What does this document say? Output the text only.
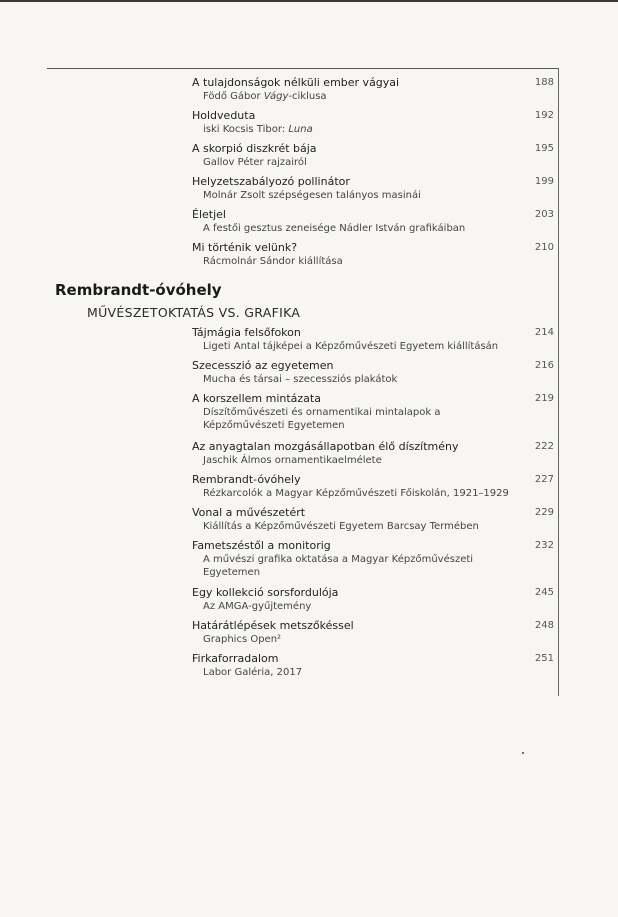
A tulajdonságok nélküli ember vágyai
Födő Gábor Vágy-ciklusa
188
Holdveduta
iski Kocsis Tibor: Luna
192
A skorpió diszkrét bája
Gallov Péter rajzairól
195
Helyzetszabályozó pollinátor
Molnár Zsolt szépségesen talányos masinái
199
Életjel
A festői gesztus zeneisége Nádler István grafikáiban
203
Mi történik velünk?
Rácmolnár Sándor kiállítása
210
Rembrandt-óvóhely
MŰVÉSZETOKTATÁS VS. GRAFIKA
Tájmágia felsőfokon
Ligeti Antal tájképei a Képzőművészeti Egyetem kiállításán
214
Szecesszió az egyetemen
Mucha és társai – szecessziós plakátok
216
A korszellem mintázata
Díszítőművészeti és ornamentikai mintalapok a
Képzőművészeti Egyetemen
219
Az anyagtalan mozgásállapotban élő díszítmény
Jaschik Álmos ornamentikaelmélete
222
Rembrandt-óvóhely
Rézkarcolók a Magyar Képzőművészeti Főiskolán, 1921–1929
227
Vonal a művészetért
Kiállítás a Képzőművészeti Egyetem Barcsay Termében
229
Fametszéstől a monitorig
A művészi grafika oktatása a Magyar Képzőművészeti
Egyetemen
232
Egy kollekció sorsfordulója
Az AMGA-gyűjtemény
245
Határátlépések metszőkéssel
Graphics Open²
248
Firkaforradalom
Labor Galéria, 2017
251
